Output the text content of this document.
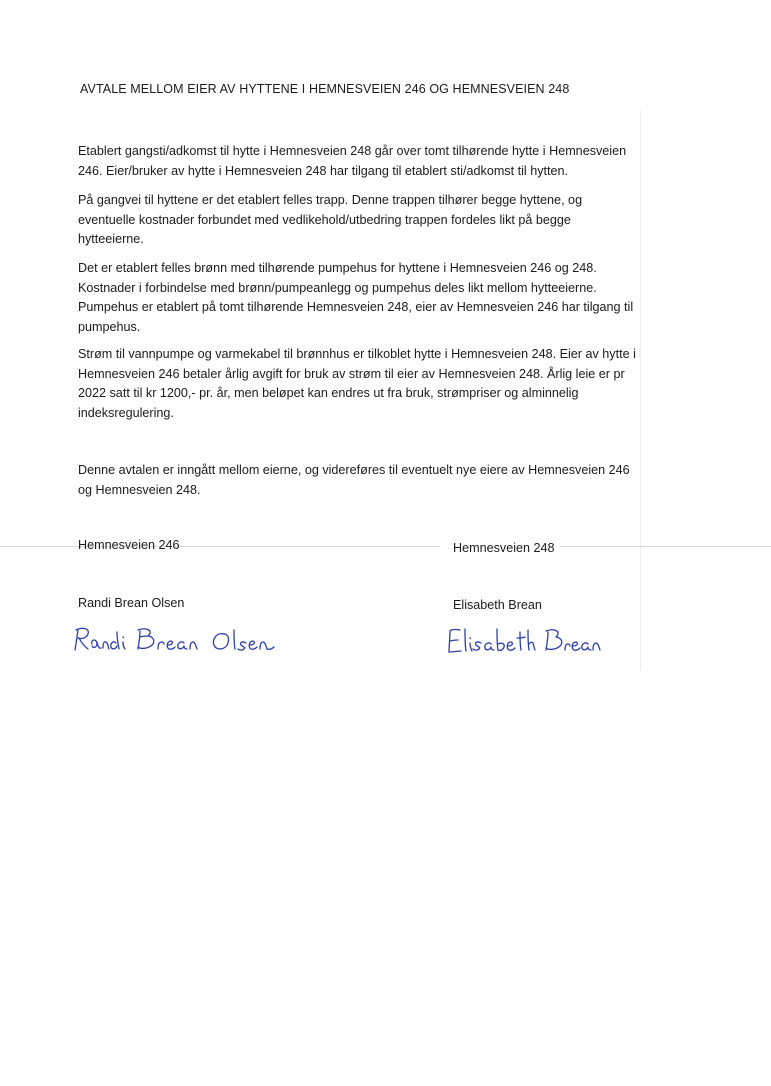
AVTALE MELLOM EIER AV HYTTENE I HEMNESVEIEN 246 OG HEMNESVEIEN 248
Etablert gangsti/adkomst til hytte i Hemnesveien 248 går over tomt tilhørende hytte i Hemnesveien
246. Eier/bruker av hytte i Hemnesveien 248 har tilgang til etablert sti/adkomst til hytten.
På gangvei til hyttene er det etablert felles trapp. Denne trappen tilhører begge hyttene, og
eventuelle kostnader forbundet med vedlikehold/utbedring trappen fordeles likt på begge
hytteeierne.
Det er etablert felles brønn med tilhørende pumpehus for hyttene i Hemnesveien 246 og 248.
Kostnader i forbindelse med brønn/pumpeanlegg og pumpehus deles likt mellom hytteeierne.
Pumpehus er etablert på tomt tilhørende Hemnesveien 248, eier av Hemnesveien 246 har tilgang til
pumpehus.
Strøm til vannpumpe og varmekabel til brønnhus er tilkoblet hytte i Hemnesveien 248. Eier av hytte i
Hemnesveien 246 betaler årlig avgift for bruk av strøm til eier av Hemnesveien 248. Årlig leie er pr
2022 satt til kr 1200,- pr. år, men beløpet kan endres ut fra bruk, strømpriser og alminnelig
indeksregulering.
Denne avtalen er inngått mellom eierne, og videreføres til eventuelt nye eiere av Hemnesveien 246
og Hemnesveien 248.
Hemnesveien 246	Hemnesveien 248
Randi Brean Olsen	Elisabeth Brean
